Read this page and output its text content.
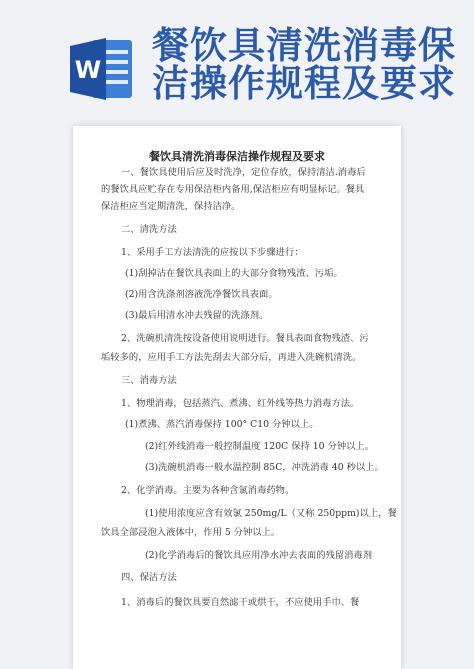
W
餐饮具清洗消毒保
洁操作规程及要求
餐饮具清洗消毒保洁操作规程及要求
一、餐饮具使用后应及时洗净，定位存放，保持清洁.消毒后
的餐饮具应贮存在专用保洁柜内备用,保洁柜应有明显标记。餐具
保洁柜应当定期清洗，保持洁净。
二、清洗方法
1、采用手工方法清洗的应按以下步骤进行：
(1)刮掉沾在餐饮具表面上的大部分食物残渣、污垢。
(2)用含洗涤剂溶液洗净餐饮具表面。
(3)最后用清水冲去残留的洗涤剂。
2、洗碗机清洗按设备使用说明进行。餐具表面食物残渣、污
垢较多的，应用手工方法先刮去大部分后，再进入洗碗机清洗。
三、消毒方法
1、物理消毒，包括蒸汽、煮沸、红外线等热力消毒方法。
(1)煮沸、蒸汽消毒保持 100° C10 分钟以上。
(2)红外线消毒一般控制温度 120C 保持 10 分钟以上。
(3)洗碗机消毒一般水温控制 85C，冲洗消毒 40 秒以上。
2、化学消毒。主要为各种含氯消毒药物。
(1)使用浓度应含有效氯 250mg/L（又称 250ppm)以上，餐
饮具全部浸泡入液体中，作用 5 分钟以上。
(2)化学消毒后的餐饮具应用净水冲去表面的残留消毒剂
四、保洁方法
1、消毒后的餐饮具要自然滤干或烘干，不应使用手巾、餐
